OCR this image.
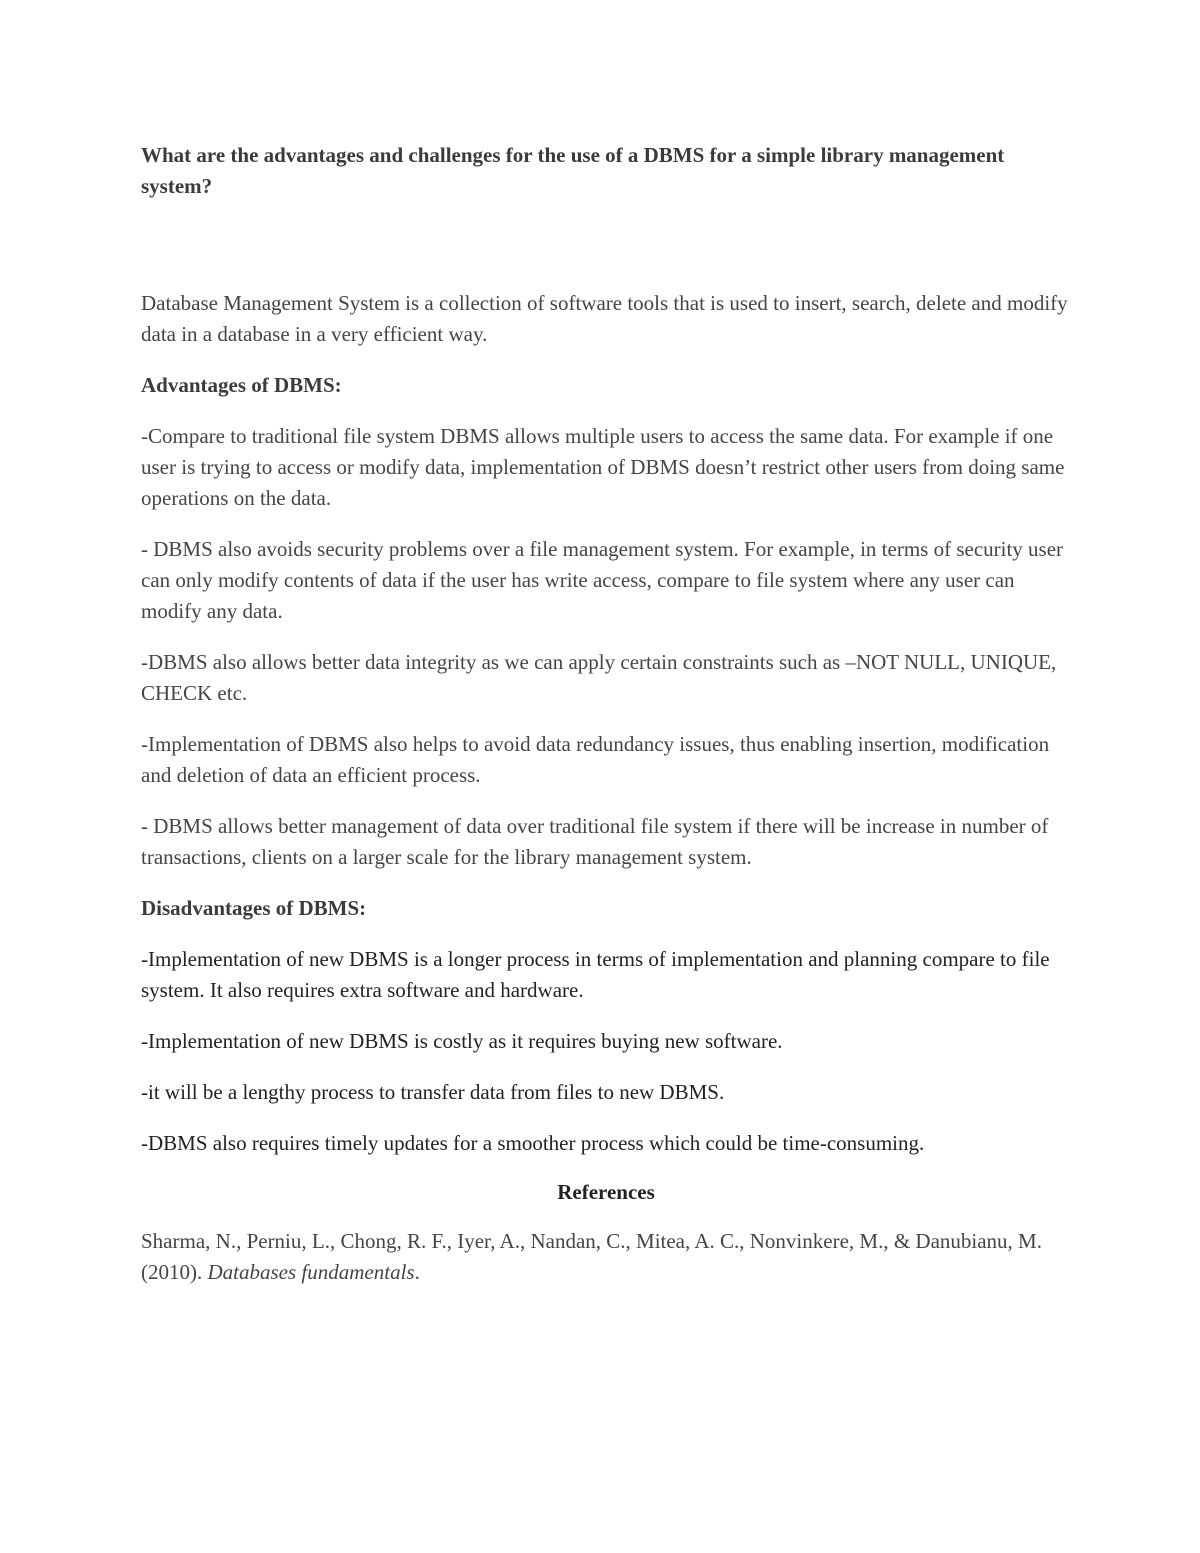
What are the advantages and challenges for the use of a DBMS for a simple library management system?

Database Management System is a collection of software tools that is used to insert, search, delete and modify data in a database in a very efficient way.

Advantages of DBMS:

-Compare to traditional file system DBMS allows multiple users to access the same data. For example if one user is trying to access or modify data, implementation of DBMS doesn’t restrict other users from doing same operations on the data.

- DBMS also avoids security problems over a file management system. For example, in terms of security user can only modify contents of data if the user has write access, compare to file system where any user can modify any data.

-DBMS also allows better data integrity as we can apply certain constraints such as –NOT NULL, UNIQUE, CHECK etc.

-Implementation of DBMS also helps to avoid data redundancy issues, thus enabling insertion, modification and deletion of data an efficient process.

- DBMS allows better management of data over traditional file system if there will be increase in number of transactions, clients on a larger scale for the library management system.

Disadvantages of DBMS:

-Implementation of new DBMS is a longer process in terms of implementation and planning compare to file system. It also requires extra software and hardware.

-Implementation of new DBMS is costly as it requires buying new software.

-it will be a lengthy process to transfer data from files to new DBMS.

-DBMS also requires timely updates for a smoother process which could be time-consuming.

References

Sharma, N., Perniu, L., Chong, R. F., Iyer, A., Nandan, C., Mitea, A. C., Nonvinkere, M., & Danubianu, M. (2010). Databases fundamentals.
